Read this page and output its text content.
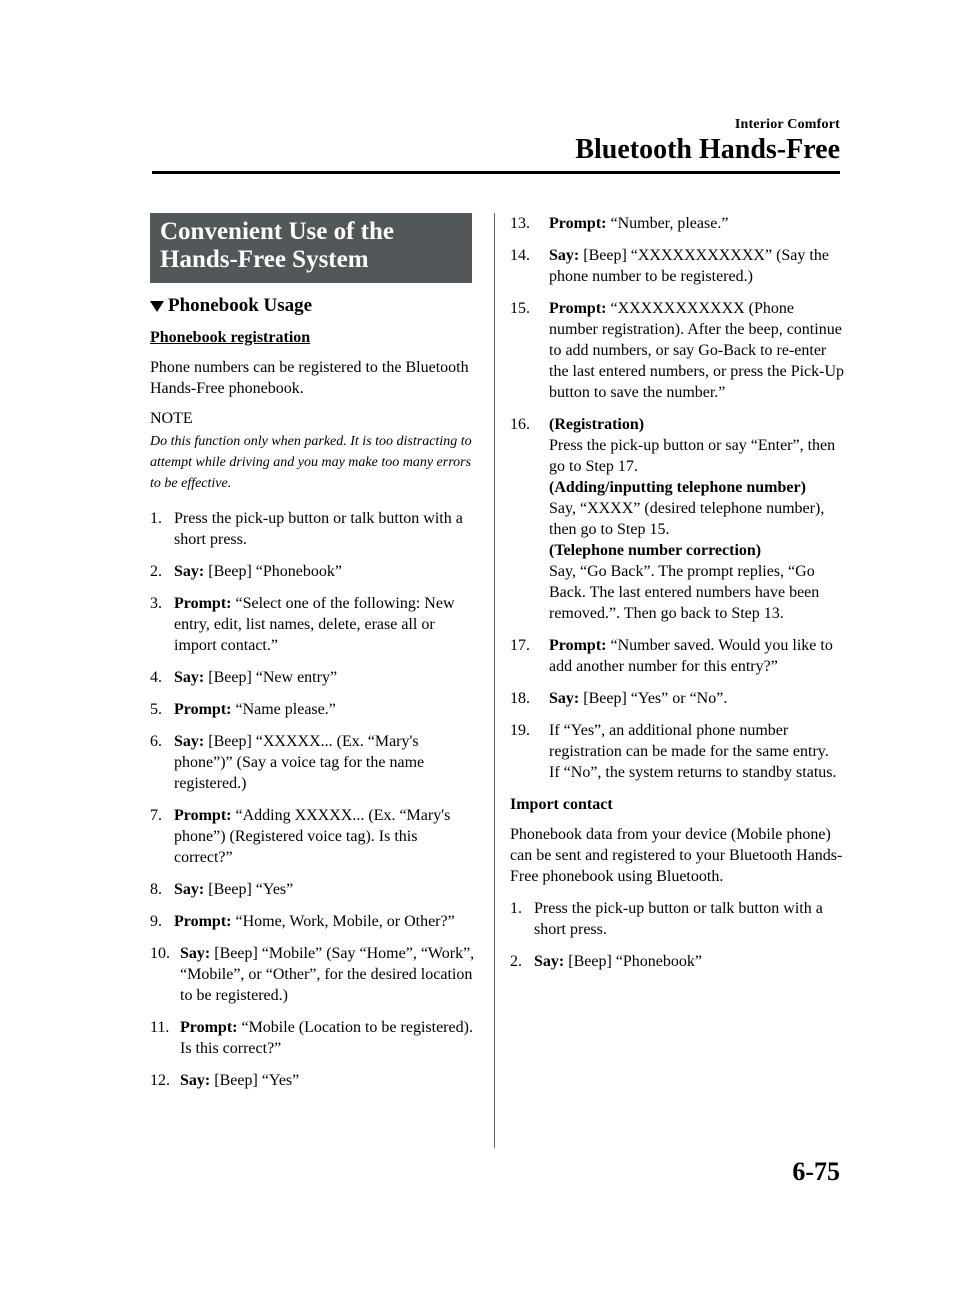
Interior Comfort
Bluetooth Hands-Free
Convenient Use of the
Hands-Free System
Phonebook Usage
Phonebook registration

Phone numbers can be registered to the Bluetooth Hands-Free phonebook.

NOTE
Do this function only when parked. It is too distracting to attempt while driving and you may make too many errors to be effective.
1. Press the pick-up button or talk button with a short press.
2. Say: [Beep] “Phonebook”
3. Prompt: “Select one of the following: New entry, edit, list names, delete, erase all or import contact.”
4. Say: [Beep] “New entry”
5. Prompt: “Name please.”
6. Say: [Beep] “XXXXX... (Ex. “Mary's phone”)” (Say a voice tag for the name registered.)
7. Prompt: “Adding XXXXX... (Ex. “Mary's phone”) (Registered voice tag). Is this correct?”
8. Say: [Beep] “Yes”
9. Prompt: “Home, Work, Mobile, or Other?”
10. Say: [Beep] “Mobile” (Say “Home”, “Work”, “Mobile”, or “Other”, for the desired location to be registered.)
11. Prompt: “Mobile (Location to be registered). Is this correct?”
12. Say: [Beep] “Yes”
13. Prompt: “Number, please.”
14. Say: [Beep] “XXXXXXXXXXX” (Say the phone number to be registered.)
15. Prompt: “XXXXXXXXXXX (Phone number registration). After the beep, continue to add numbers, or say Go-Back to re-enter the last entered numbers, or press the Pick-Up button to save the number.”
16. (Registration)
Press the pick-up button or say “Enter”, then go to Step 17.
(Adding/inputting telephone number)
Say, “XXXX” (desired telephone number), then go to Step 15.
(Telephone number correction)
Say, “Go Back”. The prompt replies, “Go Back. The last entered numbers have been removed.”. Then go back to Step 13.
17. Prompt: “Number saved. Would you like to add another number for this entry?”
18. Say: [Beep] “Yes” or “No”.
19. If “Yes”, an additional phone number registration can be made for the same entry.
If “No”, the system returns to standby status.
Import contact

Phonebook data from your device (Mobile phone) can be sent and registered to your Bluetooth Hands-Free phonebook using Bluetooth.

1. Press the pick-up button or talk button with a short press.
2. Say: [Beep] “Phonebook”
6-75
